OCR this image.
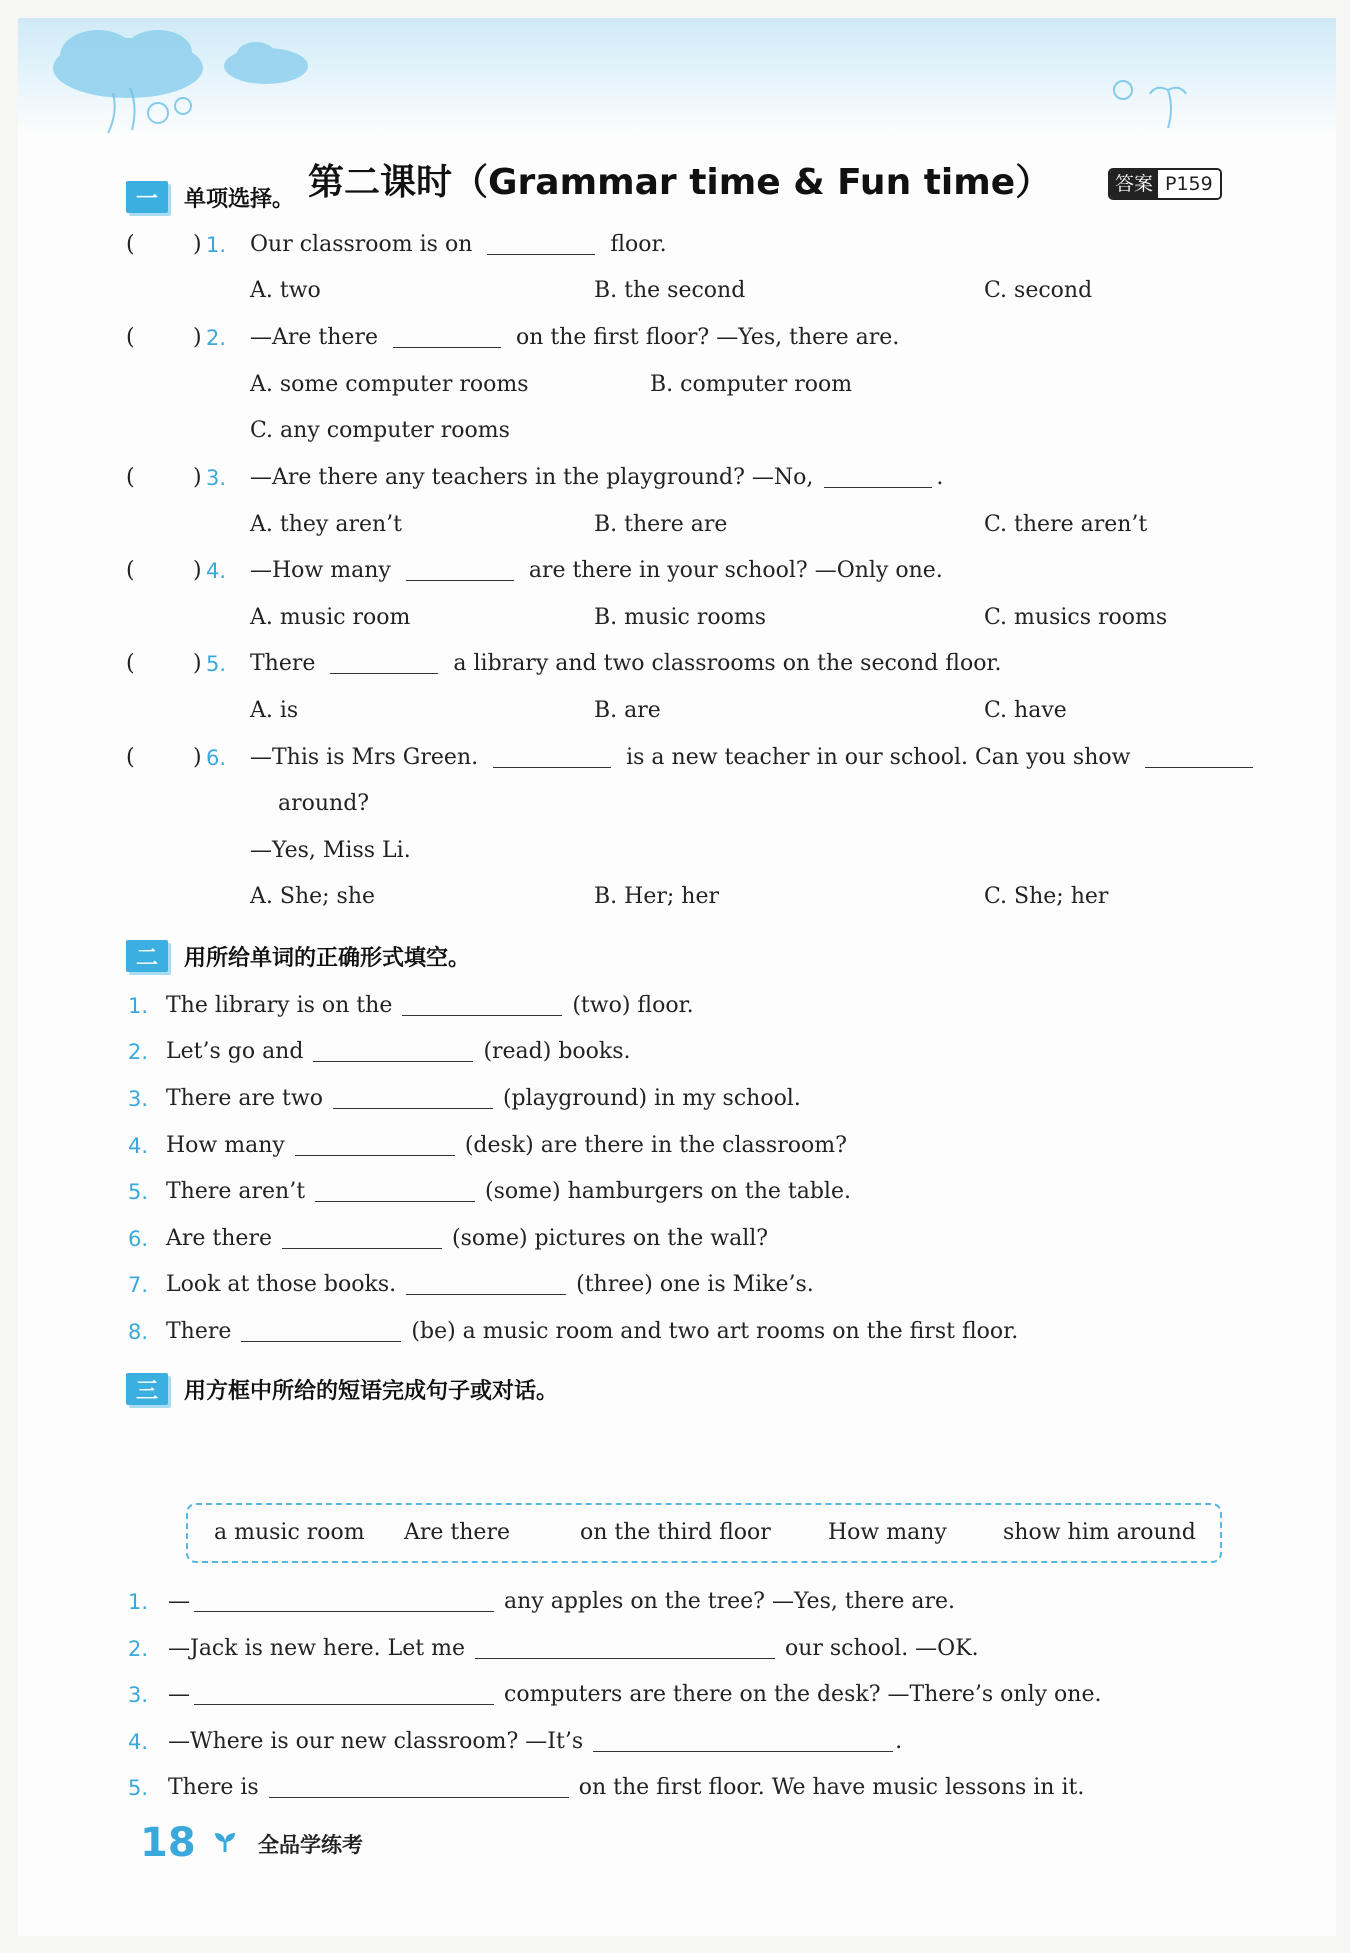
第二课时（Grammar time & Fun time）	答案 P159
一	单项选择。
(	) 1. Our classroom is on	floor.
A. two	B. the second	C. second
(	) 2. —Are there	on the first floor? —Yes, there are.
A. some computer rooms	B. computer room
C. any computer rooms
(	) 3. —Are there any teachers in the playground? —No,	.
A. they aren’t	B. there are	C. there aren’t
(	) 4. —How many	are there in your school? —Only one.
A. music room	B. music rooms	C. musics rooms
(	) 5. There	a library and two classrooms on the second floor.
A. is	B. are	C. have
(	) 6. —This is Mrs Green.	is a new teacher in our school. Can you show
around?
—Yes, Miss Li.
A. She; she	B. Her; her	C. She; her
二	用所给单词的正确形式填空。
1. The library is on the	(two) floor.
2. Let’s go and	(read) books.
3. There are two	(playground) in my school.
4. How many	(desk) are there in the classroom?
5. There aren’t	(some) hamburgers on the table.
6. Are there	(some) pictures on the wall?
7. Look at those books.	(three) one is Mike’s.
8. There	(be) a music room and two art rooms on the first floor.
三	用方框中所给的短语完成句子或对话。
a music room Are there	on the third floor	How many	show him around
1. —	any apples on the tree? —Yes, there are.
2. —Jack is new here. Let me	our school. —OK.
3. —	computers are there on the desk? —There’s only one.
4. —Where is our new classroom? —It’s	.
5. There is	on the first floor. We have music lessons in it.
18	全品学练考
